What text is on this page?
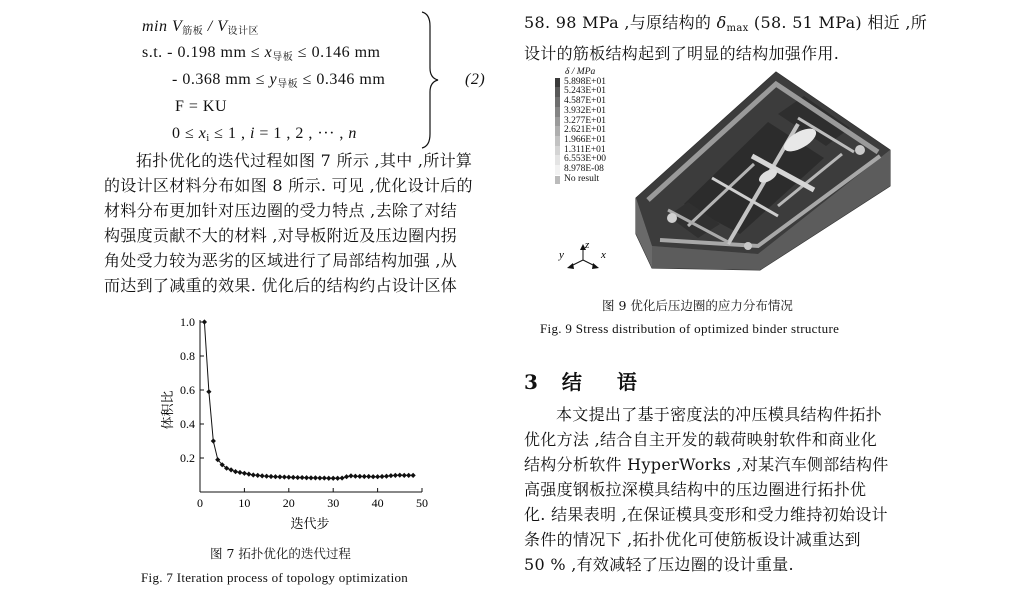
$\min V_{筋板} / V_{设计区}$
s.t. - 0.198 mm ≤ $x_{导板} \le 0.146$ mm
- 0.368 mm ≤ $y_{导板} \le 0.346$ mm
F = KU
$0 \le x_i \le 1$ , i = 1 , 2 , ··· , n
(2)
拓扑优化的迭代过程如图 7 所示 ,其中 ,所计算
的设计区材料分布如图 8 所示. 可见 ,优化设计后的
材料分布更加针对压边圈的受力特点 ,去除了对结
构强度贡献不大的材料 ,对导板附近及压边圈内拐
角处受力较为恶劣的区域进行了局部结构加强 ,从
而达到了减重的效果. 优化后的结构约占设计区体
0	10	20	30	40	50
0.2
0.4
0.6
0.8
1.0
迭代步
体积比
图 7 拓扑优化的迭代过程
Fig. 7 Iteration process of topology optimization
58. 98 MPa ,与原结构的 $\delta_{max}$ (58. 51 MPa) 相近 ,所
设计的筋板结构起到了明显的结构加强作用.
δ / MPa
5.898E+01
5.243E+01
4.587E+01
3.932E+01
3.277E+01
2.621E+01
1.966E+01
1.311E+01
6.553E+00
8.978E-08
No result
z
y	x
图 9 优化后压边圈的应力分布情况
Fig. 9 Stress distribution of optimized binder structure
3 结 语
本文提出了基于密度法的冲压模具结构件拓扑
优化方法 ,结合自主开发的载荷映射软件和商业化
结构分析软件 HyperWorks ,对某汽车侧部结构件
高强度钢板拉深模具结构中的压边圈进行拓扑优
化. 结果表明 ,在保证模具变形和受力维持初始设计
条件的情况下 ,拓扑优化可使筋板设计减重达到
50 % ,有效减轻了压边圈的设计重量.
